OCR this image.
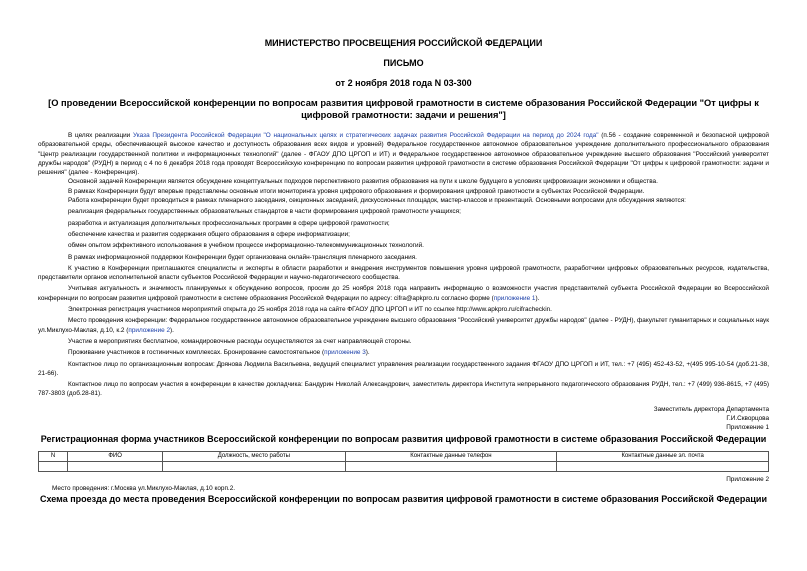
МИНИСТЕРСТВО ПРОСВЕЩЕНИЯ РОССИЙСКОЙ ФЕДЕРАЦИИ
ПИСЬМО
от 2 ноября 2018 года N 03-300
[О проведении Всероссийской конференции по вопросам развития цифровой грамотности в системе образования Российской Федерации "От цифры к цифровой грамотности: задачи и решения"]

В целях реализации Указа Президента Российской Федерации "О национальных целях и стратегических задачах развития Российской Федерации на период до 2024 года" (п.56 - создание современной и безопасной цифровой образовательной среды, обеспечивающей высокое качество и доступность образования всех видов и уровней) Федеральное государственное автономное образовательное учреждение дополнительного профессионального образования "Центр реализации государственной политики и информационных технологий" (далее - ФГАОУ ДПО ЦРГОП и ИТ) и Федеральное государственное автономное образовательное учреждение высшего образования "Российский университет дружбы народов" (РУДН) в период с 4 по 6 декабря 2018 года проводят Всероссийскую конференцию по вопросам развития цифровой грамотности в системе образования Российской Федерации "От цифры к цифровой грамотности: задачи и решения" (далее - Конференция).

Основной задачей Конференции является обсуждение концептуальных подходов перспективного развития образования на пути к школе будущего в условиях цифровизации экономики и общества.

В рамках Конференции будут впервые представлены основные итоги мониторинга уровня цифрового образования и формирования цифровой грамотности в субъектах Российской Федерации.

Работа конференции будет проводиться в рамках пленарного заседания, секционных заседаний, дискуссионных площадок, мастер-классов и презентаций. Основными вопросами для обсуждения являются:

реализация федеральных государственных образовательных стандартов в части формирования цифровой грамотности учащихся;

разработка и актуализация дополнительных профессиональных программ в сфере цифровой грамотности;

обеспечение качества и развития содержания общего образования в сфере информатизации;

обмен опытом эффективного использования в учебном процессе информационно-телекоммуникационных технологий.

В рамках информационной поддержки Конференции будет организована онлайн-трансляция пленарного заседания.

К участию в Конференции приглашаются специалисты и эксперты в области разработки и внедрения инструментов повышения уровня цифровой грамотности, разработчики цифровых образовательных ресурсов, издательства, представители органов исполнительной власти субъектов Российской Федерации и научно-педагогического сообщества.

Учитывая актуальность и значимость планируемых к обсуждению вопросов, просим до 25 ноября 2018 года направить информацию о возможности участия представителей субъекта Российской Федерации во Всероссийской конференции по вопросам развития цифровой грамотности в системе образования Российской Федерации по адресу: cifra@apkpro.ru согласно форме (приложение 1).

Электронная регистрация участников мероприятий открыта до 25 ноября 2018 года на сайте ФГАОУ ДПО ЦРГОП и ИТ по ссылке http://www.apkpro.ru/cifracheckin.

Место проведения конференции: Федеральное государственное автономное образовательное учреждение высшего образования "Российский университет дружбы народов" (далее - РУДН), факультет гуманитарных и социальных наук ул.Миклухо-Маклая, д.10, к.2 (приложение 2).

Участие в мероприятиях бесплатное, командировочные расходы осуществляются за счет направляющей стороны.

Проживание участников в гостиничных комплексах. Бронирование самостоятельное (приложение 3).

Контактное лицо по организационным вопросам: Дрянова Людмила Васильевна, ведущий специалист управления реализации государственного задания ФГАОУ ДПО ЦРГОП и ИТ, тел.: +7 (495) 452-43-52, +(495 995-10-54 (доб.21-38, 21-66).

Контактное лицо по вопросам участия в конференции в качестве докладчика: Бандурин Николай Александрович, заместитель директора Института непрерывного педагогического образования РУДН, тел.: +7 (499) 936-8615, +7 (495) 787-3803 (доб.28-81).

Заместитель директора Департамента
Г.И.Скворцова
Приложение 1
Регистрационная форма участников Всероссийской конференции по вопросам развития цифровой грамотности в системе образования Российской Федерации
N	ФИО	Должность, место работы	Контактные данные телефон	Контактные данные эл. почта

Приложение 2
Место проведения: г.Москва ул.Миклухо-Маклая, д.10 корп.2.
Схема проезда до места проведения Всероссийской конференции по вопросам развития цифровой грамотности в системе образования Российской Федерации
